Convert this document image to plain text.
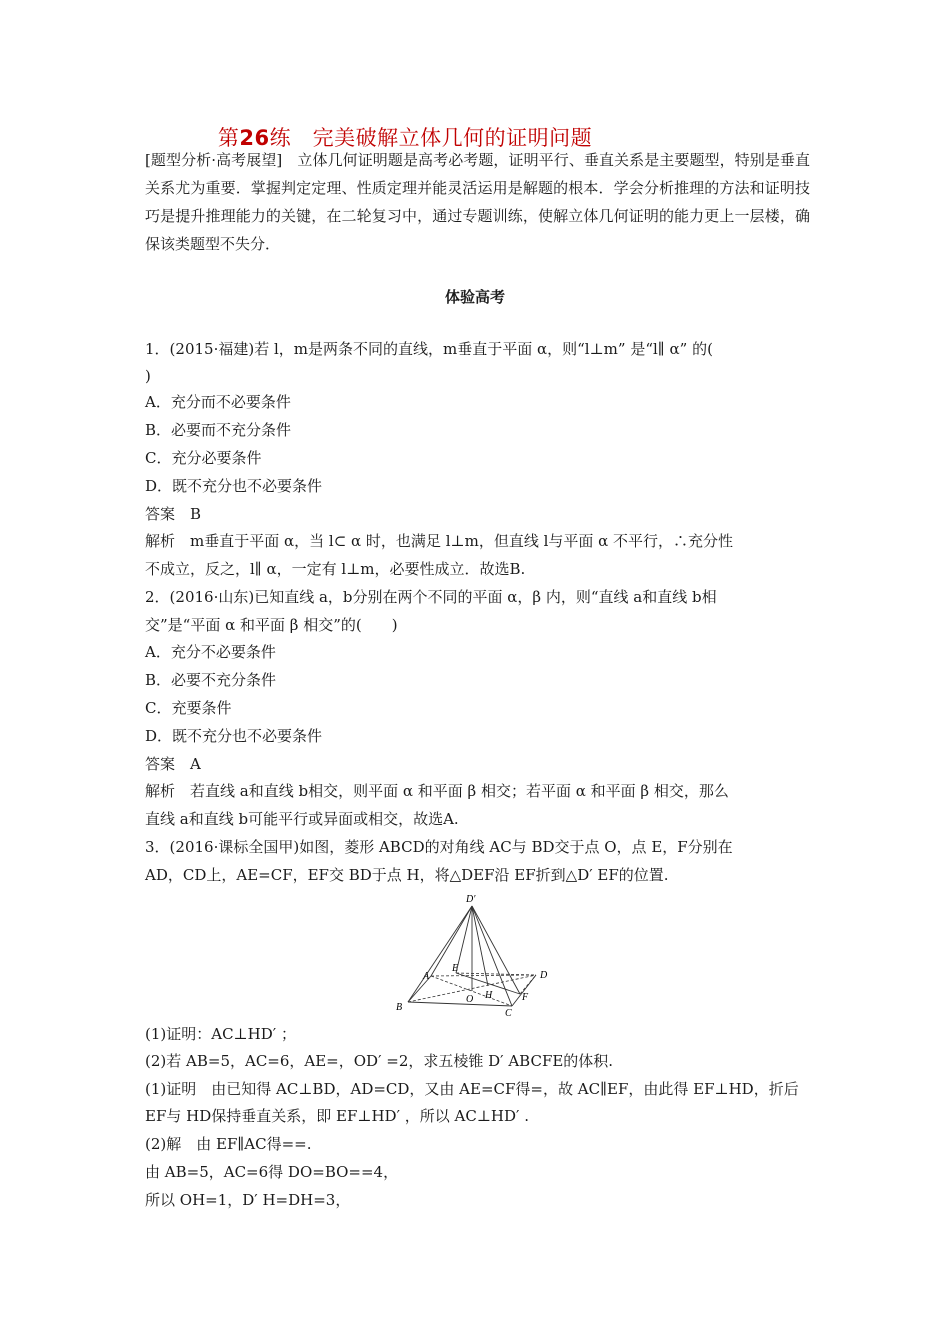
第26练　完美破解立体几何的证明问题
[题型分析·高考展望]　立体几何证明题是高考必考题，证明平行、垂直关系是主要题型，特别是垂直关系尤为重要．掌握判定定理、性质定理并能灵活运用是解题的根本．学会分析推理的方法和证明技巧是提升推理能力的关键，在二轮复习中，通过专题训练，使解立体几何证明的能力更上一层楼，确保该类题型不失分．
体验高考
1．(2015·福建)若 l，m是两条不同的直线，m垂直于平面 α，则“l⊥m” 是“l∥ α” 的(
)
A．充分而不必要条件
B．必要而不充分条件
C．充分必要条件
D．既不充分也不必要条件
答案　B
解析　m垂直于平面 α，当 l⊂ α 时，也满足 l⊥m，但直线 l与平面 α 不平行，∴充分性
不成立，反之，l∥ α，一定有 l⊥m，必要性成立．故选B.
2．(2016·山东)已知直线 a，b分别在两个不同的平面 α，β 内，则“直线 a和直线 b相
交”是“平面 α 和平面 β 相交”的(　　)
A．充分不必要条件
B．必要不充分条件
C．充要条件
D．既不充分也不必要条件
答案　A
解析　若直线 a和直线 b相交，则平面 α 和平面 β 相交；若平面 α 和平面 β 相交，那么
直线 a和直线 b可能平行或异面或相交，故选A.
3．(2016·课标全国甲)如图，菱形 ABCD的对角线 AC与 BD交于点 O，点 E，F分别在
AD，CD上，AE=CF，EF交 BD于点 H，将△DEF沿 EF折到△D′ EF的位置.
D′
D
A
E
O H	F
B
C
(1)证明：AC⊥HD′ ；
(2)若 AB=5，AC=6，AE=，OD′ =2，求五棱锥 D′ ABCFE的体积.
(1)证明　由已知得 AC⊥BD，AD=CD，又由 AE=CF得=，故 AC∥EF，由此得 EF⊥HD，折后
EF与 HD保持垂直关系，即 EF⊥HD′ ，所以 AC⊥HD′ .
(2)解　由 EF∥AC得==.
由 AB=5，AC=6得 DO=BO==4，
所以 OH=1，D′ H=DH=3，
